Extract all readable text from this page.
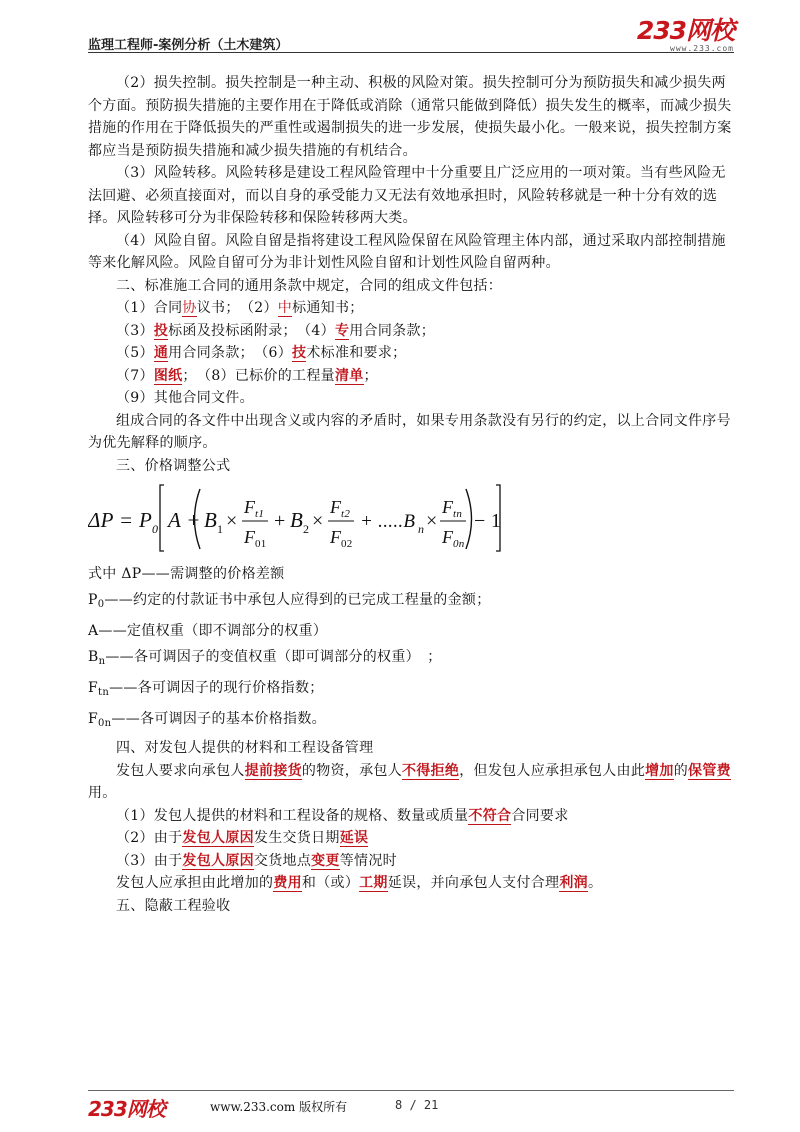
监理工程师-案例分析（土木建筑）
233网校
www.233.com

（2）损失控制。损失控制是一种主动、积极的风险对策。损失控制可分为预防损失和减少损失两个方面。预防损失措施的主要作用在于降低或消除（通常只能做到降低）损失发生的概率，而减少损失措施的作用在于降低损失的严重性或遏制损失的进一步发展，使损失最小化。一般来说，损失控制方案都应当是预防损失措施和减少损失措施的有机结合。

（3）风险转移。风险转移是建设工程风险管理中十分重要且广泛应用的一项对策。当有些风险无法回避、必须直接面对，而以自身的承受能力又无法有效地承担时，风险转移就是一种十分有效的选择。风险转移可分为非保险转移和保险转移两大类。

（4）风险自留。风险自留是指将建设工程风险保留在风险管理主体内部，通过采取内部控制措施等来化解风险。风险自留可分为非计划性风险自留和计划性风险自留两种。

二、标准施工合同的通用条款中规定，合同的组成文件包括：

（1）合同协议书；　（2）中标通知书；

（3）投标函及投标函附录；　（4）专用合同条款；

（5）通用合同条款；　（6）技术标准和要求；

（7）图纸；　（8）已标价的工程量清单；

（9）其他合同文件。

组成合同的各文件中出现含义或内容的矛盾时，如果专用条款没有另行的约定，以上合同文件序号为优先解释的顺序。

三、价格调整公式

ΔP = P 0 A + B 1 ×
F t1
F 01
+ B 2 ×
F t2
F 02
+ .....B n ×
F tn
F 0n
− 1

式中 ΔP——需调整的价格差额

$P_0——$约定的付款证书中承包人应得到的已完成工程量的金额；

A——定值权重（即不调部分的权重）

$B_n——$各可调因子的变值权重（即可调部分的权重）　；

$F_{tn}——$各可调因子的现行价格指数；

$F_{0n}——$各可调因子的基本价格指数。

四、对发包人提供的材料和工程设备管理

发包人要求向承包人提前接货的物资，承包人不得拒绝，但发包人应承担承包人由此增加的保管费用。

（1）发包人提供的材料和工程设备的规格、数量或质量不符合合同要求

（2）由于发包人原因发生交货日期延误

（3）由于发包人原因交货地点变更等情况时

发包人应承担由此增加的费用和（或）工期延误，并向承包人支付合理利润。

五、隐蔽工程验收

233网校	www.233.com 版权所有	8 / 21
